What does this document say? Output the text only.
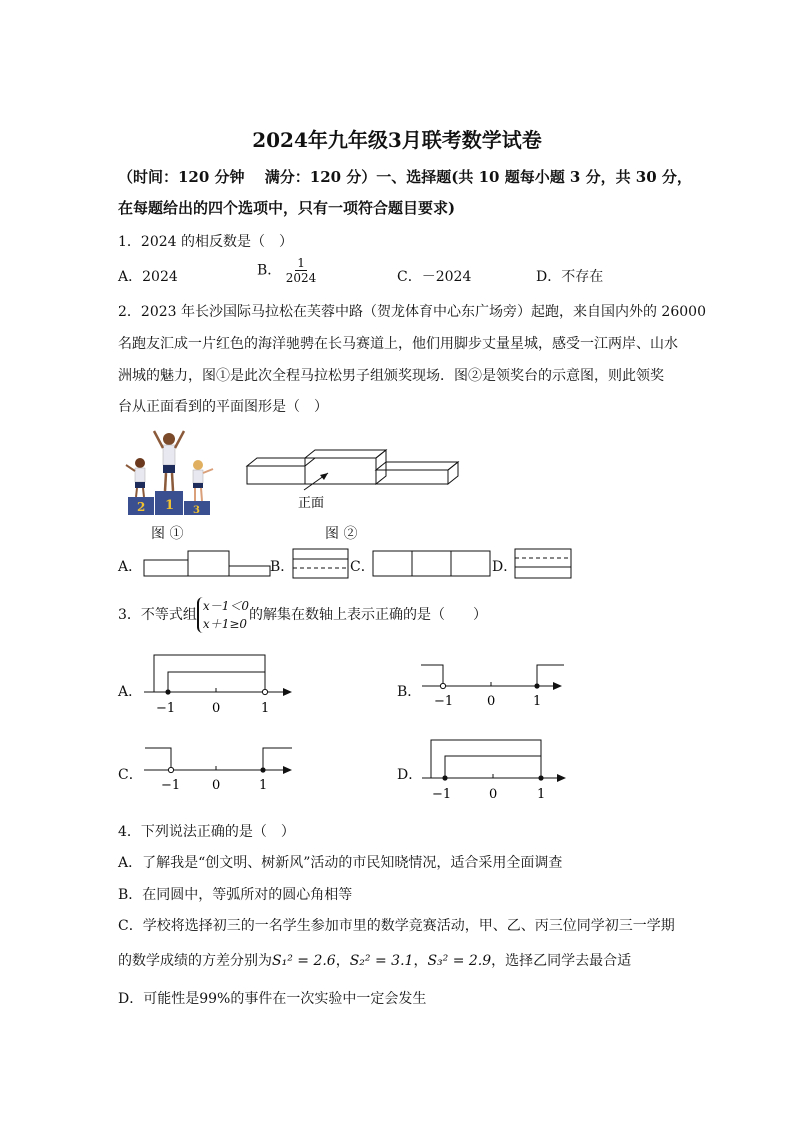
2024年九年级3月联考数学试卷
（时间：120 分钟　 满分：120 分）一、选择题(共 10 题每小题 3 分，共 30 分，
在每题给出的四个选项中，只有一项符合题目要求)
1．2024 的相反数是（　）
A．2024	B． $\frac{1}{2024}$	C．－2024	D．不存在
2．2023 年长沙国际马拉松在芙蓉中路（贺龙体育中心东广场旁）起跑，来自国内外的 26000
名跑友汇成一片红色的海洋驰骋在长马赛道上，他们用脚步丈量星城，感受一江两岸、山水
洲城的魅力，图①是此次全程马拉松男子组颁奖现场．图②是领奖台的示意图，则此领奖
台从正面看到的平面图形是（　）
2 1 3	正面
图 ①	图 ②
A．	B．	C．	D．
3．不等式组x－1＜0
x＋1≥0的解集在数轴上表示正确的是（　　）
A．
−1	0	1
B．
−1	0	1
C．
−1 0	1
D．
−1	0	1
4．下列说法正确的是（　）
A．了解我是“创文明、树新风”活动的市民知晓情况，适合采用全面调查
B．在同圆中，等弧所对的圆心角相等
C．学校将选择初三的一名学生参加市里的数学竞赛活动，甲、乙、丙三位同学初三一学期
的数学成绩的方差分别为S₁² = 2.6，S₂² = 3.1，S₃² = 2.9，选择乙同学去最合适
D．可能性是99%的事件在一次实验中一定会发生
